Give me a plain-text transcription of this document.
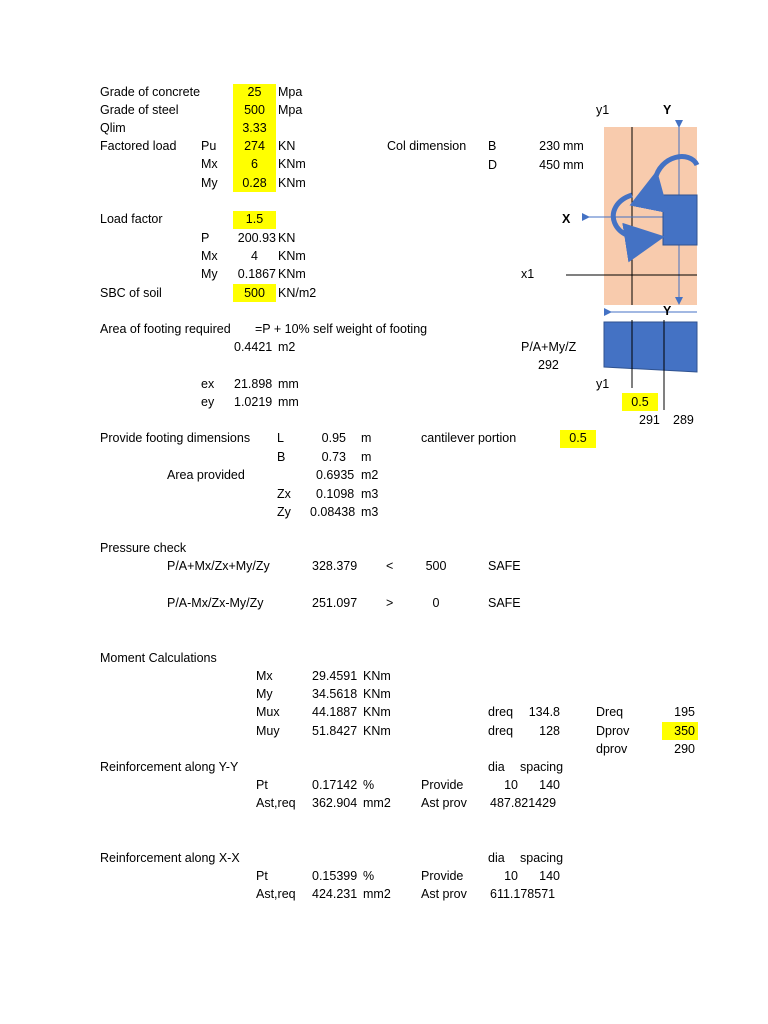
y1	Y
X
x1
Y
P/A+My/Z
292
y1
0.5
291 289
Grade of concrete	25	Mpa
Grade of steel	500	Mpa
Qlim	3.33
Factored load Pu	274	KN
Mx	6	KNm
My	0.28 KNm
Col dimension B	230 mm
D	450 mm
Load factor	1.5
P	200.93 KN
Mx	4	KNm
My	0.1867 KNm
SBC of soil	500	KN/m2
Area of footing required =P + 10% self weight of footing
0.4421 m2
ex 21.898 mm
ey 1.0219 mm
Provide footing dimensions L	0.95 m	cantilever portion	0.5
B	0.73 m
Area provided	0.6935 m2
Zx 0.1098 m3
Zy 0.08438 m3
Pressure check
P/A+Mx/Zx+My/Zy	328.379 <	500	SAFE
P/A-Mx/Zx-My/Zy	251.097 >	0	SAFE
Moment Calculations
Mx	29.4591 KNm
My	34.5618 KNm
Mux	44.1887 KNm	dreq	134.8	Dreq	195
Muy	51.8427 KNm	dreq	128	Dprov	350
dprov	290
Reinforcement along Y-Y	dia spacing
Pt	0.17142 %	Provide	10	140
Ast,req 362.904 mm2 Ast prov 487.821429
Reinforcement along X-X	dia spacing
Pt	0.15399 %	Provide	10	140
Ast,req 424.231 mm2 Ast prov 611.178571
